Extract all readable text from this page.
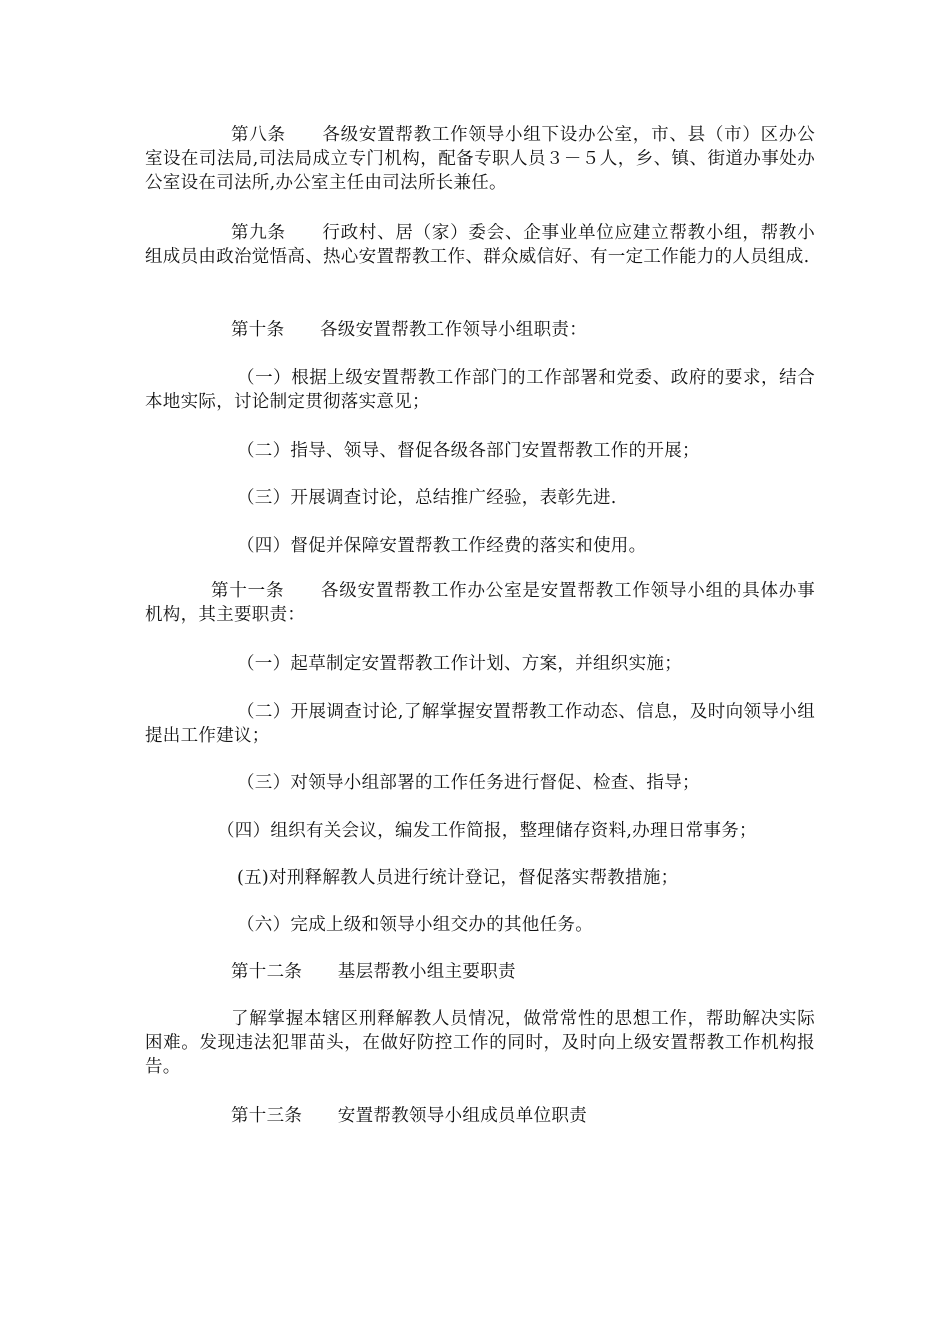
第八条　　各级安置帮教工作领导小组下设办公室，市、县（市）区办公室设在司法局,司法局成立专门机构，配备专职人员３－５人，乡、镇、街道办事处办公室设在司法所,办公室主任由司法所长兼任。

第九条　　行政村、居（家）委会、企事业单位应建立帮教小组，帮教小组成员由政治觉悟高、热心安置帮教工作、群众威信好、有一定工作能力的人员组成.

第十条　　各级安置帮教工作领导小组职责：

（一）根据上级安置帮教工作部门的工作部署和党委、政府的要求，结合本地实际，讨论制定贯彻落实意见；

（二）指导、领导、督促各级各部门安置帮教工作的开展；

（三）开展调查讨论，总结推广经验，表彰先进.

（四）督促并保障安置帮教工作经费的落实和使用。

第十一条　　各级安置帮教工作办公室是安置帮教工作领导小组的具体办事机构，其主要职责：

（一）起草制定安置帮教工作计划、方案，并组织实施；

（二）开展调查讨论,了解掌握安置帮教工作动态、信息，及时向领导小组提出工作建议；

（三）对领导小组部署的工作任务进行督促、检查、指导；

（四）组织有关会议，编发工作简报，整理储存资料,办理日常事务；

(五)对刑释解教人员进行统计登记，督促落实帮教措施；

（六）完成上级和领导小组交办的其他任务。

第十二条　　基层帮教小组主要职责

了解掌握本辖区刑释解教人员情况，做常常性的思想工作，帮助解决实际困难。发现违法犯罪苗头，在做好防控工作的同时，及时向上级安置帮教工作机构报告。

第十三条　　安置帮教领导小组成员单位职责
